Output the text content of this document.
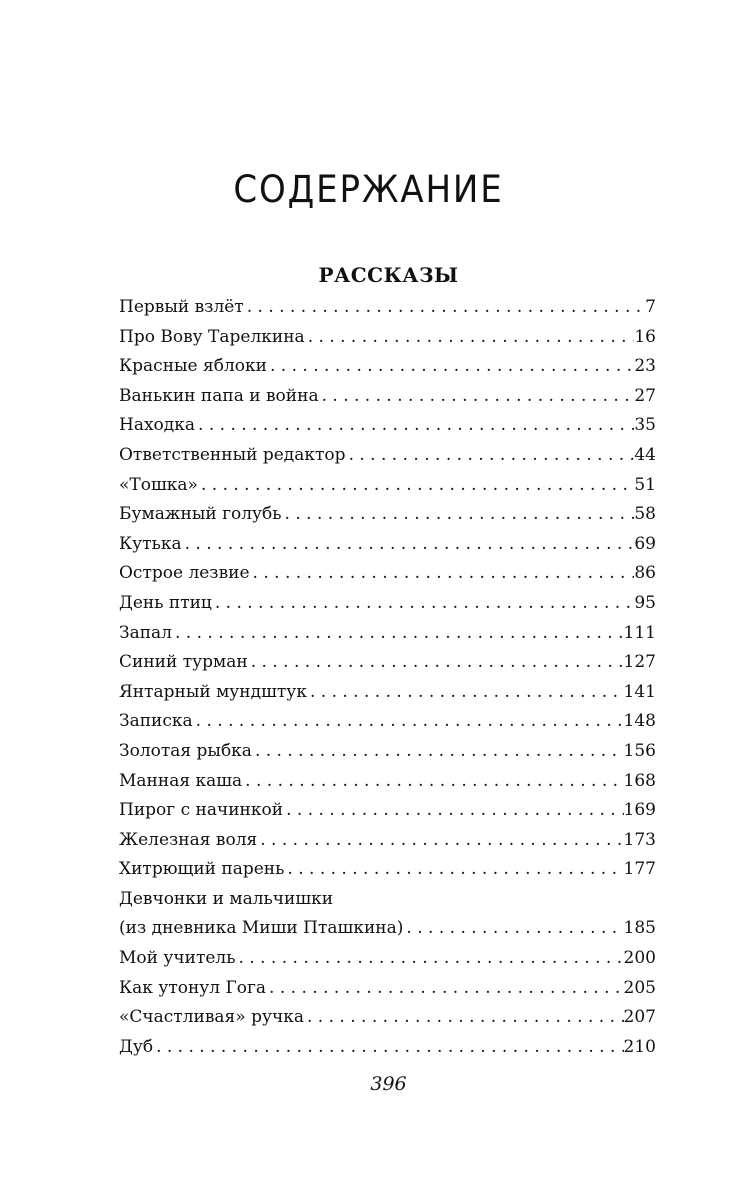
СОДЕРЖАНИЕ
РАССКАЗЫ
Первый взлёт . . .	7
Про Вову Тарелкина . . .	16
Красные яблоки . . .	23
Ванькин папа и война . . .	27
Находка . . .	35
Ответственный редактор . . .	44
«Тошка» . . .	51
Бумажный голубь . . .	58
Кутька . . .	69
Острое лезвие . . .	86
День птиц . . .	95
Запал . . .	111
Синий турман . . .	127
Янтарный мундштук . . .	141
Записка . . .	148
Золотая рыбка . . .	156
Манная каша . . .	168
Пирог с начинкой . . .	169
Железная воля . . .	173
Хитрющий парень . . .	177
Девчонки и мальчишки
(из дневника Миши Пташкина) . . .	185
Мой учитель . . .	200
Как утонул Гога . . .	205
«Счастливая» ручка . . .	207
Дуб . . .	210
396
